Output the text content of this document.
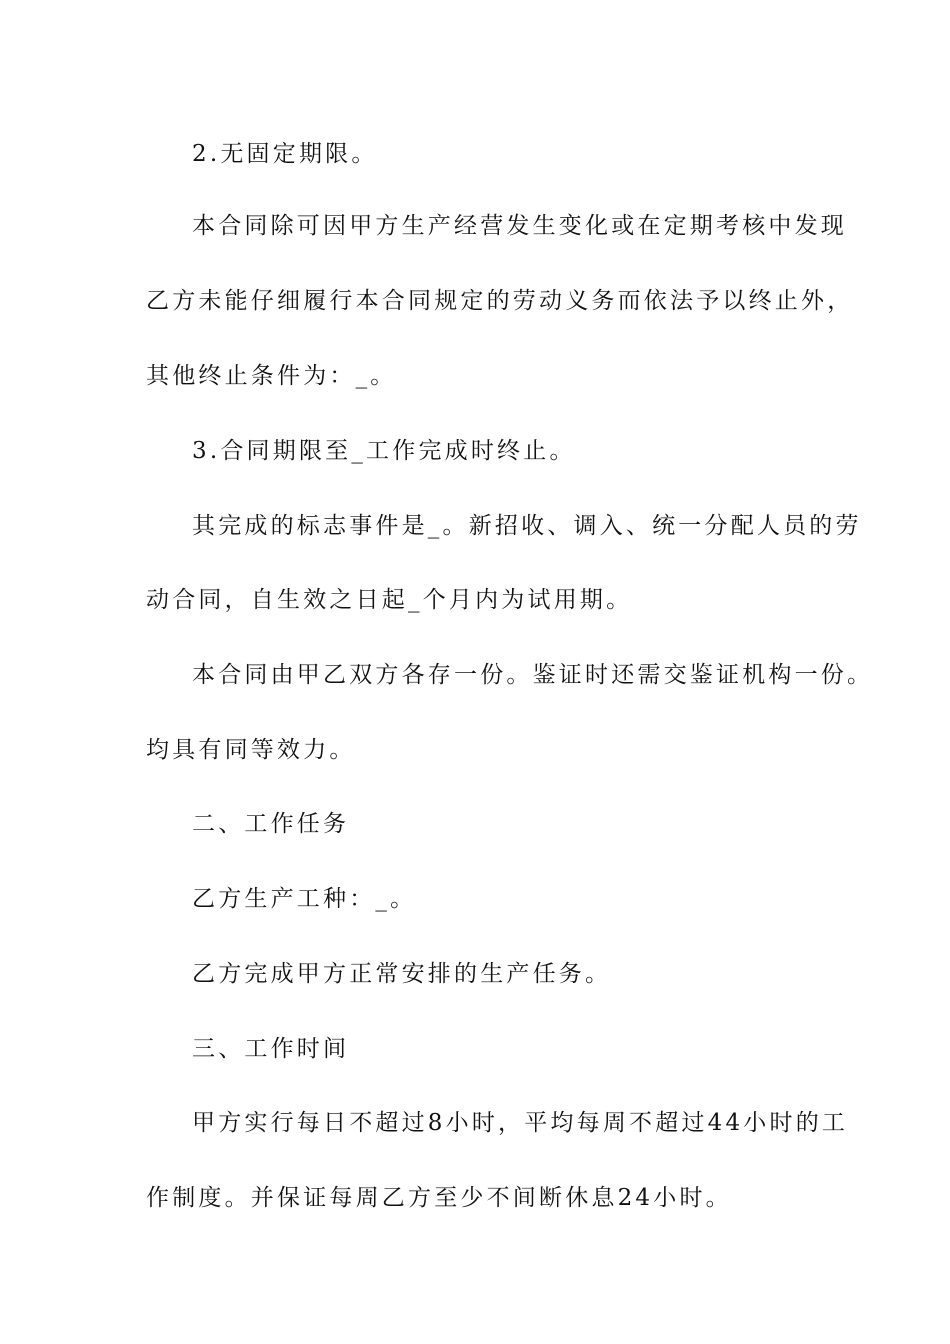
2.无固定期限。
本合同除可因甲方生产经营发生变化或在定期考核中发现
乙方未能仔细履行本合同规定的劳动义务而依法予以终止外，
其他终止条件为：_。
3.合同期限至_工作完成时终止。
其完成的标志事件是_。新招收、调入、统一分配人员的劳
动合同，自生效之日起_个月内为试用期。
本合同由甲乙双方各存一份。鉴证时还需交鉴证机构一份。
均具有同等效力。
二、工作任务
乙方生产工种：_。
乙方完成甲方正常安排的生产任务。
三、工作时间
甲方实行每日不超过8小时，平均每周不超过44小时的工
作制度。并保证每周乙方至少不间断休息24小时。
